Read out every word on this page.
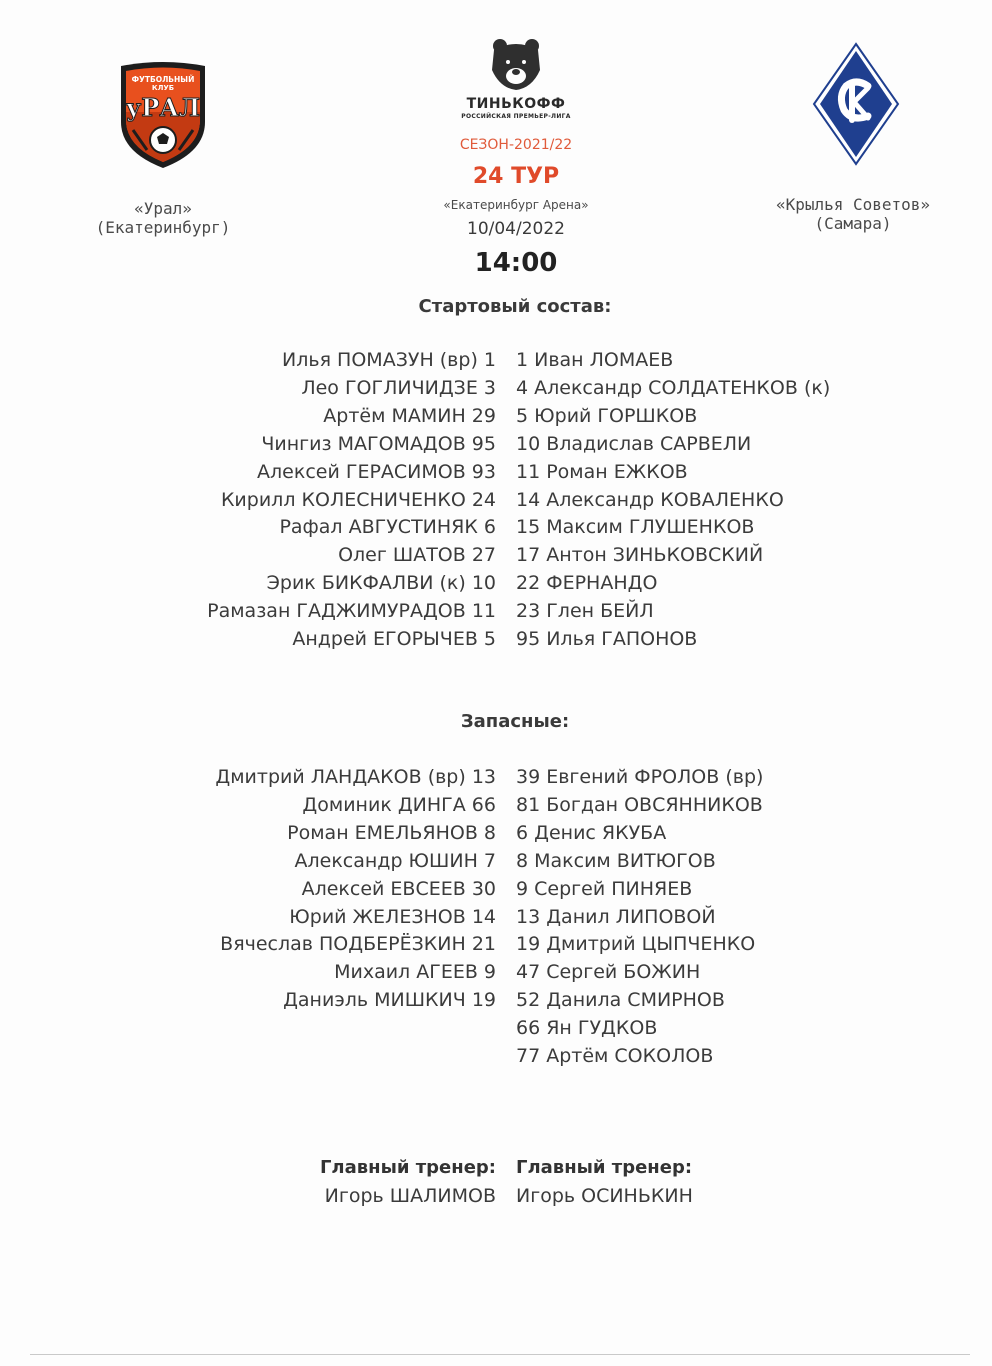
ФУТБОЛЬНЫЙ
КЛУБ
уРАЛ
«Урал»
(Екатеринбург)
ТИНЬКОФФ
РОССИЙСКАЯ ПРЕМЬЕР-ЛИГА
СЕЗОН-2021/22
24 ТУР
«Екатеринбург Арена»
10/04/2022
14:00
«Крылья Советов»
(Самара)
Стартовый состав:
Илья ПОМАЗУН (вр) 1
Лео ГОГЛИЧИДЗЕ 3
Артём МАМИН 29
Чингиз МАГОМАДОВ 95
Алексей ГЕРАСИМОВ 93
Кирилл КОЛЕСНИЧЕНКО 24
Рафал АВГУСТИНЯК 6
Олег ШАТОВ 27
Эрик БИКФАЛВИ (к) 10
Рамазан ГАДЖИМУРАДОВ 11
Андрей ЕГОРЫЧЕВ 5
1 Иван ЛОМАЕВ
4 Александр СОЛДАТЕНКОВ (к)
5 Юрий ГОРШКОВ
10 Владислав САРВЕЛИ
11 Роман ЕЖКОВ
14 Александр КОВАЛЕНКО
15 Максим ГЛУШЕНКОВ
17 Антон ЗИНЬКОВСКИЙ
22 ФЕРНАНДО
23 Глен БЕЙЛ
95 Илья ГАПОНОВ
Запасные:
Дмитрий ЛАНДАКОВ (вр) 13
Доминик ДИНГА 66
Роман ЕМЕЛЬЯНОВ 8
Александр ЮШИН 7
Алексей ЕВСЕЕВ 30
Юрий ЖЕЛЕЗНОВ 14
Вячеслав ПОДБЕРЁЗКИН 21
Михаил АГЕЕВ 9
Даниэль МИШКИЧ 19
39 Евгений ФРОЛОВ (вр)
81 Богдан ОВСЯННИКОВ
6 Денис ЯКУБА
8 Максим ВИТЮГОВ
9 Сергей ПИНЯЕВ
13 Данил ЛИПОВОЙ
19 Дмитрий ЦЫПЧЕНКО
47 Сергей БОЖИН
52 Данила СМИРНОВ
66 Ян ГУДКОВ
77 Артём СОКОЛОВ
Главный тренер:
Игорь ШАЛИМОВ
Главный тренер:
Игорь ОСИНЬКИН
